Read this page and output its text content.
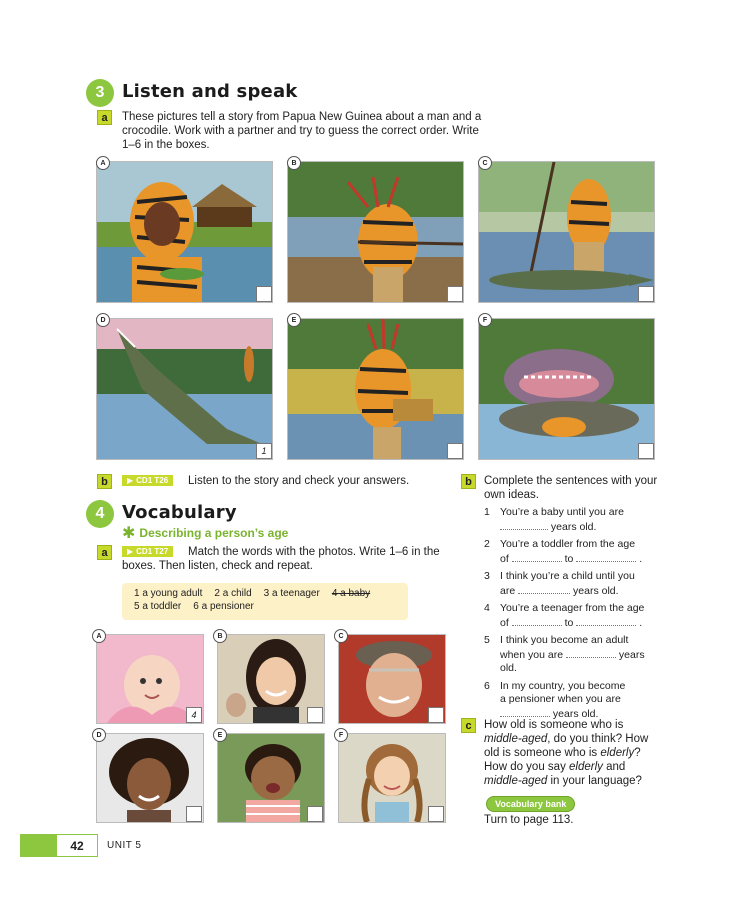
3 Listen and speak
a	These pictures tell a story from Papua New Guinea about a man and a crocodile. Work with a partner and try to guess the correct order. Write 1–6 in the boxes.
A	B	C
D
1
E	F
b	▶ CD1 T26 Listen to the story and check your answers.
4 Vocabulary
✱ Describing a person’s age
a	▶ CD1 T27	Match the words with the photos. Write 1–6 in the boxes. Then listen, check and repeat.
1 a young adult 2 a child 3 a teenager 4 a baby
5 a toddler 6 a pensioner
A
4
B	C
D	E	F
b	Complete the sentences with your own ideas.
1 You’re a baby until you are
years old.
2 You’re a toddler from the age
of	to	.
3 I think you’re a child until you
are	years old.
4 You’re a teenager from the age
of	to	.
5 I think you become an adult
when you are	years
old.
6 In my country, you become
a pensioner when you are
years old.
c	How old is someone who is middle-aged, do you think? How old is someone who is elderly? How do you say elderly and middle-aged in your language?
Vocabulary bank
Turn to page 113.
42	UNIT 5
